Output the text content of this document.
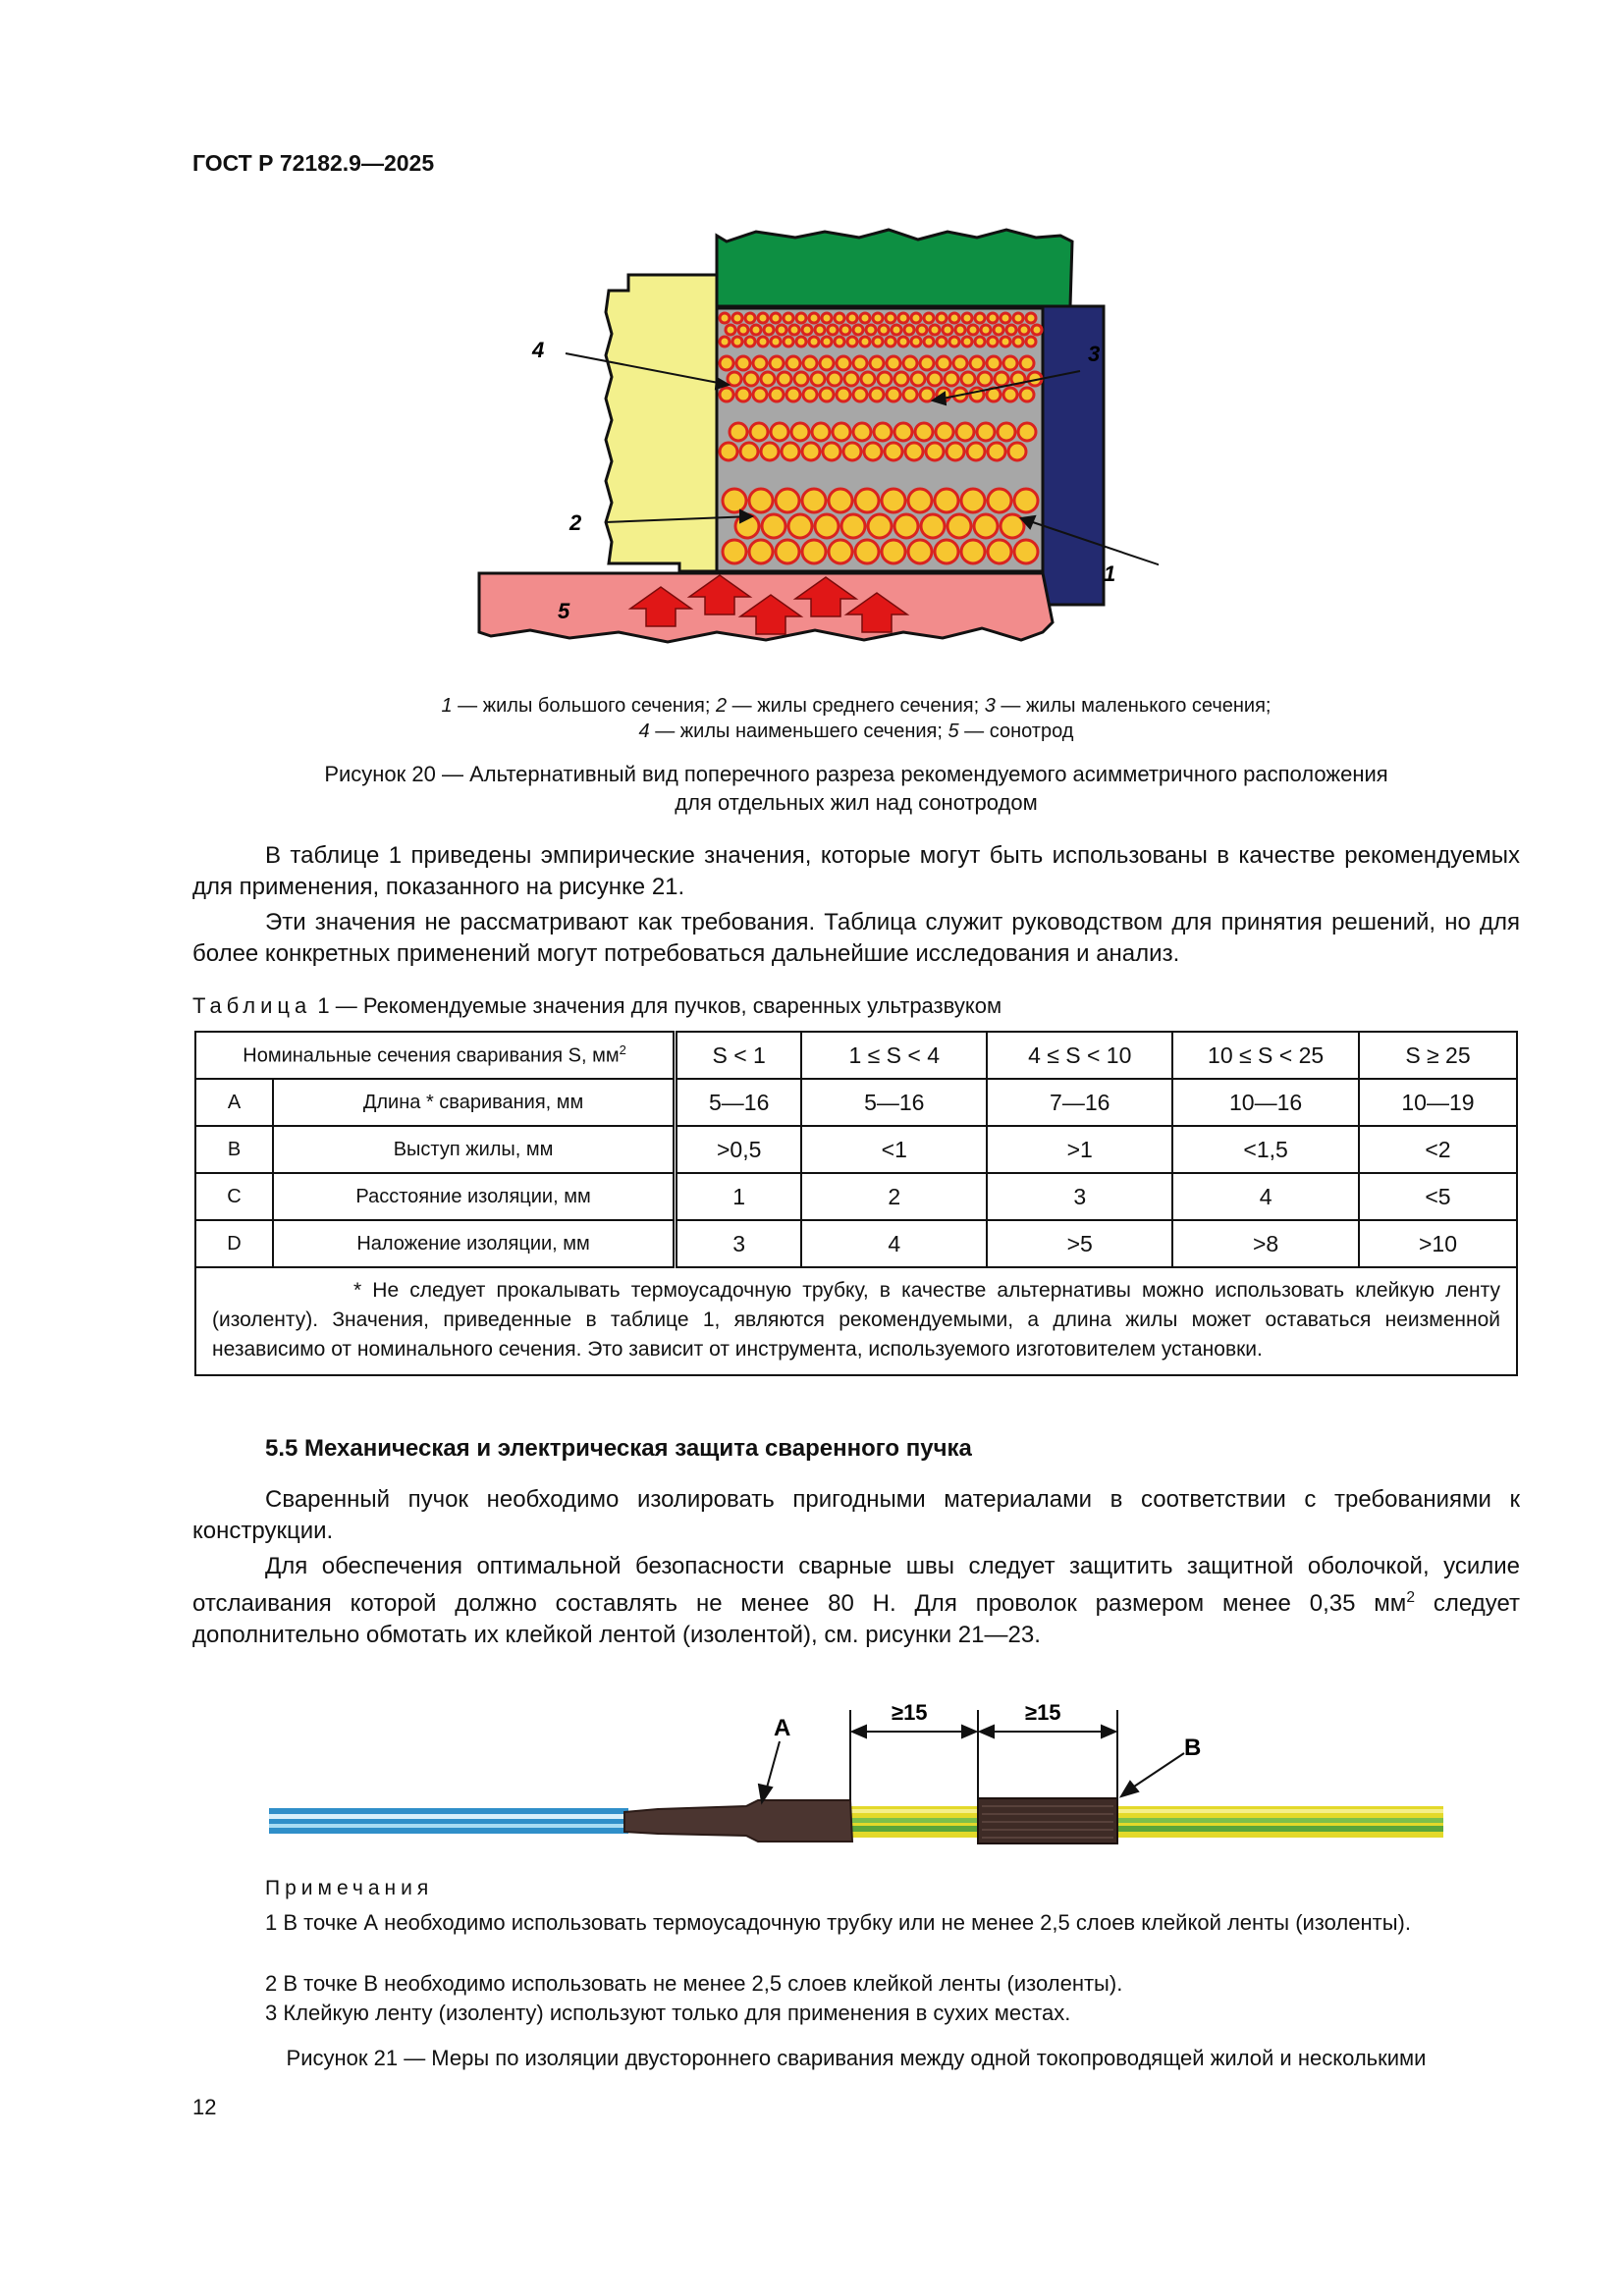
ГОСТ Р 72182.9—2025
4
2
3
1
5
1 — жилы большого сечения; 2 — жилы среднего сечения; 3 — жилы маленького сечения;
4 — жилы наименьшего сечения; 5 — сонотрод
Рисунок 20 — Альтернативный вид поперечного разреза рекомендуемого асимметричного расположения
для отдельных жил над сонотродом
В таблице 1 приведены эмпирические значения, которые могут быть использованы в качестве рекомендуемых для применения, показанного на рисунке 21.
Эти значения не рассматривают как требования. Таблица служит руководством для принятия решений, но для более конкретных применений могут потребоваться дальнейшие исследования и анализ.
Таблица 1 — Рекомендуемые значения для пучков, сваренных ультразвуком
Номинальные сечения сваривания S, $мм^2$		S < 1	1 ≤ S < 4	4 ≤ S < 10	10 ≤ S < 25	S ≥ 25
A	Длина * сваривания, мм	5—16	5—16	7—16	10—16	10—19
B	Выступ жилы, мм	>0,5	<1	>1	<1,5	<2
C	Расстояние изоляции, мм	1	2	3	4	<5
D	Наложение изоляции, мм	3	4	>5	>8	>10
* Не следует прокалывать термоусадочную трубку, в качестве альтернативы можно использовать клейкую ленту (изоленту). Значения, приведенные в таблице 1, являются рекомендуемыми, а длина жилы может оставаться неизменной независимо от номинального сечения. Это зависит от инструмента, используемого изготовителем установки.						
5.5 Механическая и электрическая защита сваренного пучка
Сваренный пучок необходимо изолировать пригодными материалами в соответствии с требованиями к конструкции.
Для обеспечения оптимальной безопасности сварные швы следует защитить защитной оболочкой, усилие отслаивания которой должно составлять не менее 80 Н. Для проволок размером менее 0,35 $мм^2$ следует дополнительно обмотать их клейкой лентой (изолентой), см. рисунки 21—23.
A
B
≥15	≥15
Примечания
1 В точке А необходимо использовать термоусадочную трубку или не менее 2,5 слоев клейкой ленты (изоленты).
2 В точке В необходимо использовать не менее 2,5 слоев клейкой ленты (изоленты).
3 Клейкую ленту (изоленту) используют только для применения в сухих местах.
Рисунок 21 — Меры по изоляции двустороннего сваривания между одной токопроводящей жилой и несколькими
12
